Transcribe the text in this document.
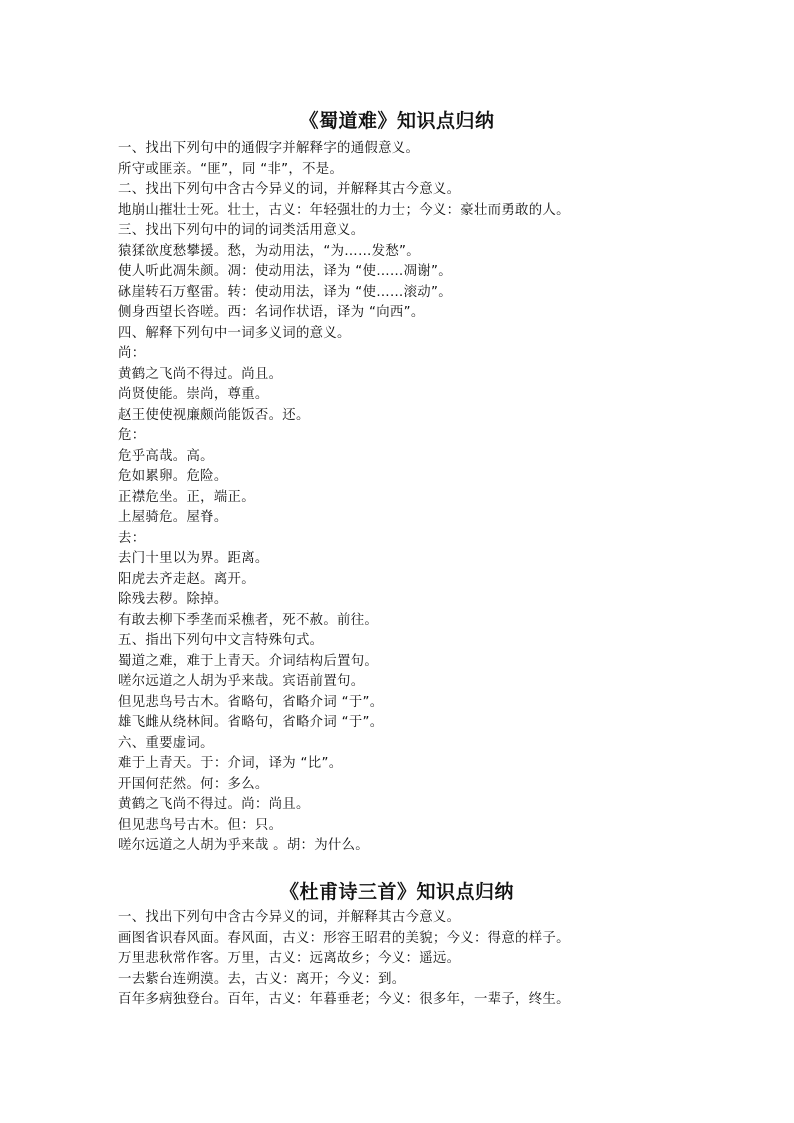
《蜀道难》知识点归纳
一、找出下列句中的通假字并解释字的通假意义。
所守或匪亲。“匪”，同 “非”，不是。
二、找出下列句中含古今异义的词，并解释其古今意义。
地崩山摧壮士死。壮士，古义：年轻强壮的力士；今义：豪壮而勇敢的人。
三、找出下列句中的词的词类活用意义。
猿猱欲度愁攀援。愁，为动用法，“为……发愁”。
使人听此凋朱颜。凋：使动用法，译为 “使……凋谢”。
砯崖转石万壑雷。转：使动用法，译为 “使……滚动”。
侧身西望长咨嗟。西：名词作状语，译为 “向西”。
四、解释下列句中一词多义词的意义。
尚：
黄鹤之飞尚不得过。尚且。
尚贤使能。崇尚，尊重。
赵王使使视廉颇尚能饭否。还。
危：
危乎高哉。高。
危如累卵。危险。
正襟危坐。正，端正。
上屋骑危。屋脊。
去：
去门十里以为界。距离。
阳虎去齐走赵。离开。
除残去秽。除掉。
有敢去柳下季垄而采樵者，死不赦。前往。
五、指出下列句中文言特殊句式。
蜀道之难，难于上青天。介词结构后置句。
嗟尔远道之人胡为乎来哉。宾语前置句。
但见悲鸟号古木。省略句，省略介词 “于”。
雄飞雌从绕林间。省略句，省略介词 “于”。
六、重要虚词。
难于上青天。于：介词，译为 “比”。
开国何茫然。何：多么。
黄鹤之飞尚不得过。尚：尚且。
但见悲鸟号古木。但：只。
嗟尔远道之人胡为乎来哉 。胡：为什么。
《杜甫诗三首》知识点归纳
一、找出下列句中含古今异义的词，并解释其古今意义。
画图省识春风面。春风面，古义：形容王昭君的美貌；今义：得意的样子。
万里悲秋常作客。万里，古义：远离故乡；今义：遥远。
一去紫台连朔漠。去，古义：离开；今义：到。
百年多病独登台。百年，古义：年暮垂老；今义：很多年，一辈子，终生。
